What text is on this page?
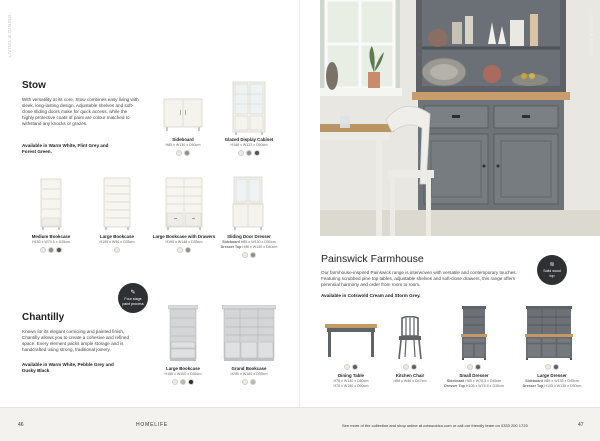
LIVING & DINING
Stow
With versatility at its core, Stow combines easy living with sleek, long-lasting design. Adjustable shelves and soft-close sliding doors make for quick access, while the highly protective coats of paint are colour matched to withstand any knocks or grazes.
Available in Warm White, Flint Grey and Forest Green.
Sideboard
H85 x W130 x D50cm
Glazed Display Cabinet
H186 x W122 x D50cm
Medium Bookcase
H150 x W70.5 x D35cm
Large Bookcase
H195 x W90 x D35cm
Large Bookcase with Drawers
H195 x W148 x D35cm
Sliding Door Dresser
Sideboard H85 x W130 x D50cm
Dresser Top H96 x W130 x D40cm
✎
Four stage paint process
Chantilly
Known for its elegant corniciing and painted finish, Chantilly allows you to create a cohesive and refined space. Every element packs ample storage and is handcrafted using strong, traditional joinery.
Available in Warm White, Pebble Grey and Dusky Black	Large Bookcase
H185 x W100 x D35cm
Grand Bookcase
H200 x W180 x D35cm
LIVING & DINING
≋
Solid wood top
Painswick Farmhouse
Our farmhouse-inspired Painswick range is interwoven with versatile and contemporary touches. Featuring scrubbed pine top tables, adjustable shelves and soft-close drawers, this range offers perennial harmony and order from room to room.
Available in Cotswold Cream and Storm Grey.
Dining Table
H78 x W140 x D80cm
H78 x W190 x D90cm
Kitchen Chair
H88 x W46 x D47cm
Small Dresser
Sideboard H85 x W78.5 x D45cm
Dresser Top H105 x W78.5 x D30cm
Large Dresser
Sideboard H85 x W135 x D45cm
Dresser Top H105 x W135 x D30cm
46	HOMELIFE	See more of the collection and shop online at cotswoldco.com or call our friendly team on 0333 200 1725	47
